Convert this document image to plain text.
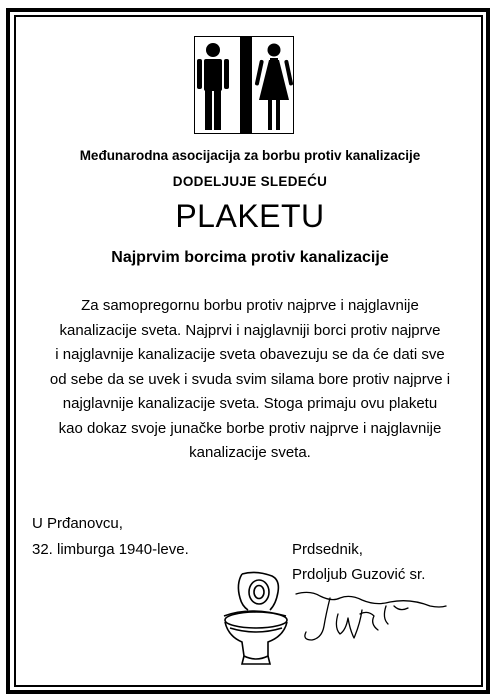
Međunarodna asocijacija za borbu protiv kanalizacije
DODELJUJE SLEDEĆU
PLAKETU
Najprvim borcima protiv kanalizacije
Za samopregornu borbu protiv najprve i najglavnije
kanalizacije sveta. Najprvi i najglavniji borci protiv najprve
i najglavnije kanalizacije sveta obavezuju se da će dati sve
od sebe da se uvek i svuda svim silama bore protiv najprve i
najglavnije kanalizacije sveta. Stoga primaju ovu plaketu
kao dokaz svoje junačke borbe protiv najprve i najglavnije
kanalizacije sveta.
U Prđanovcu,
32. limburga 1940-leve.	Prdsednik,
Prdoljub Guzović sr.
